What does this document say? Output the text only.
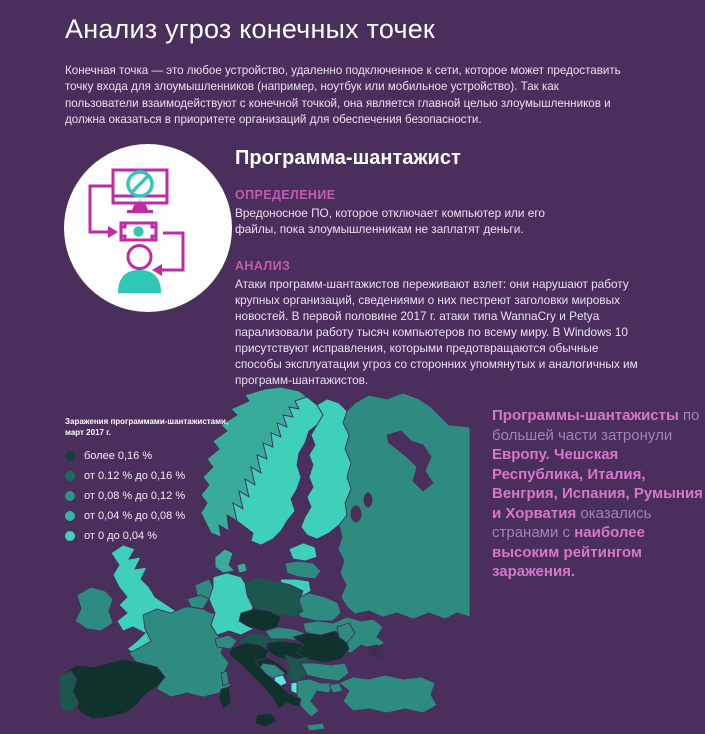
Анализ угроз конечных точек

Конечная точка — это любое устройство, удаленно подключенное к сети, которое может предоставить точку входа для злоумышленников (например, ноутбук или мобильное устройство). Так как пользователи взаимодействуют с конечной точкой, она является главной целью злоумышленников и должна оказаться в приоритете организаций для обеспечения безопасности.

Программа-шантажист
ОПРЕДЕЛЕНИЕ

Вредоносное ПО, которое отключает компьютер или его файлы, пока злоумышленникам не заплатят деньги.

АНАЛИЗ

Атаки программ-шантажистов переживают взлет: они нарушают работу крупных организаций, сведениями о них пестреют заголовки мировых новостей. В первой половине 2017 г. атаки типа WannaCry и Petya парализовали работу тысяч компьютеров по всему миру. В Windows 10 присутствуют исправления, которыми предотвращаются обычные способы эксплуатации угроз со сторонних упомянутых и аналогичных им программ-шантажистов.

Заражения программами-шантажистами,
март 2017 г.
более 0,16 %
от 0.12 % до 0,16 %
от 0,08 % до 0,12 %
от 0,04 % до 0,08 %
от 0 до 0,04 %

Программы-шантажисты по большей части затронули Европу. Чешская Республика, Италия, Венгрия, Испания, Румыния и Хорватия оказались странами с наиболее высоким рейтингом заражения.
